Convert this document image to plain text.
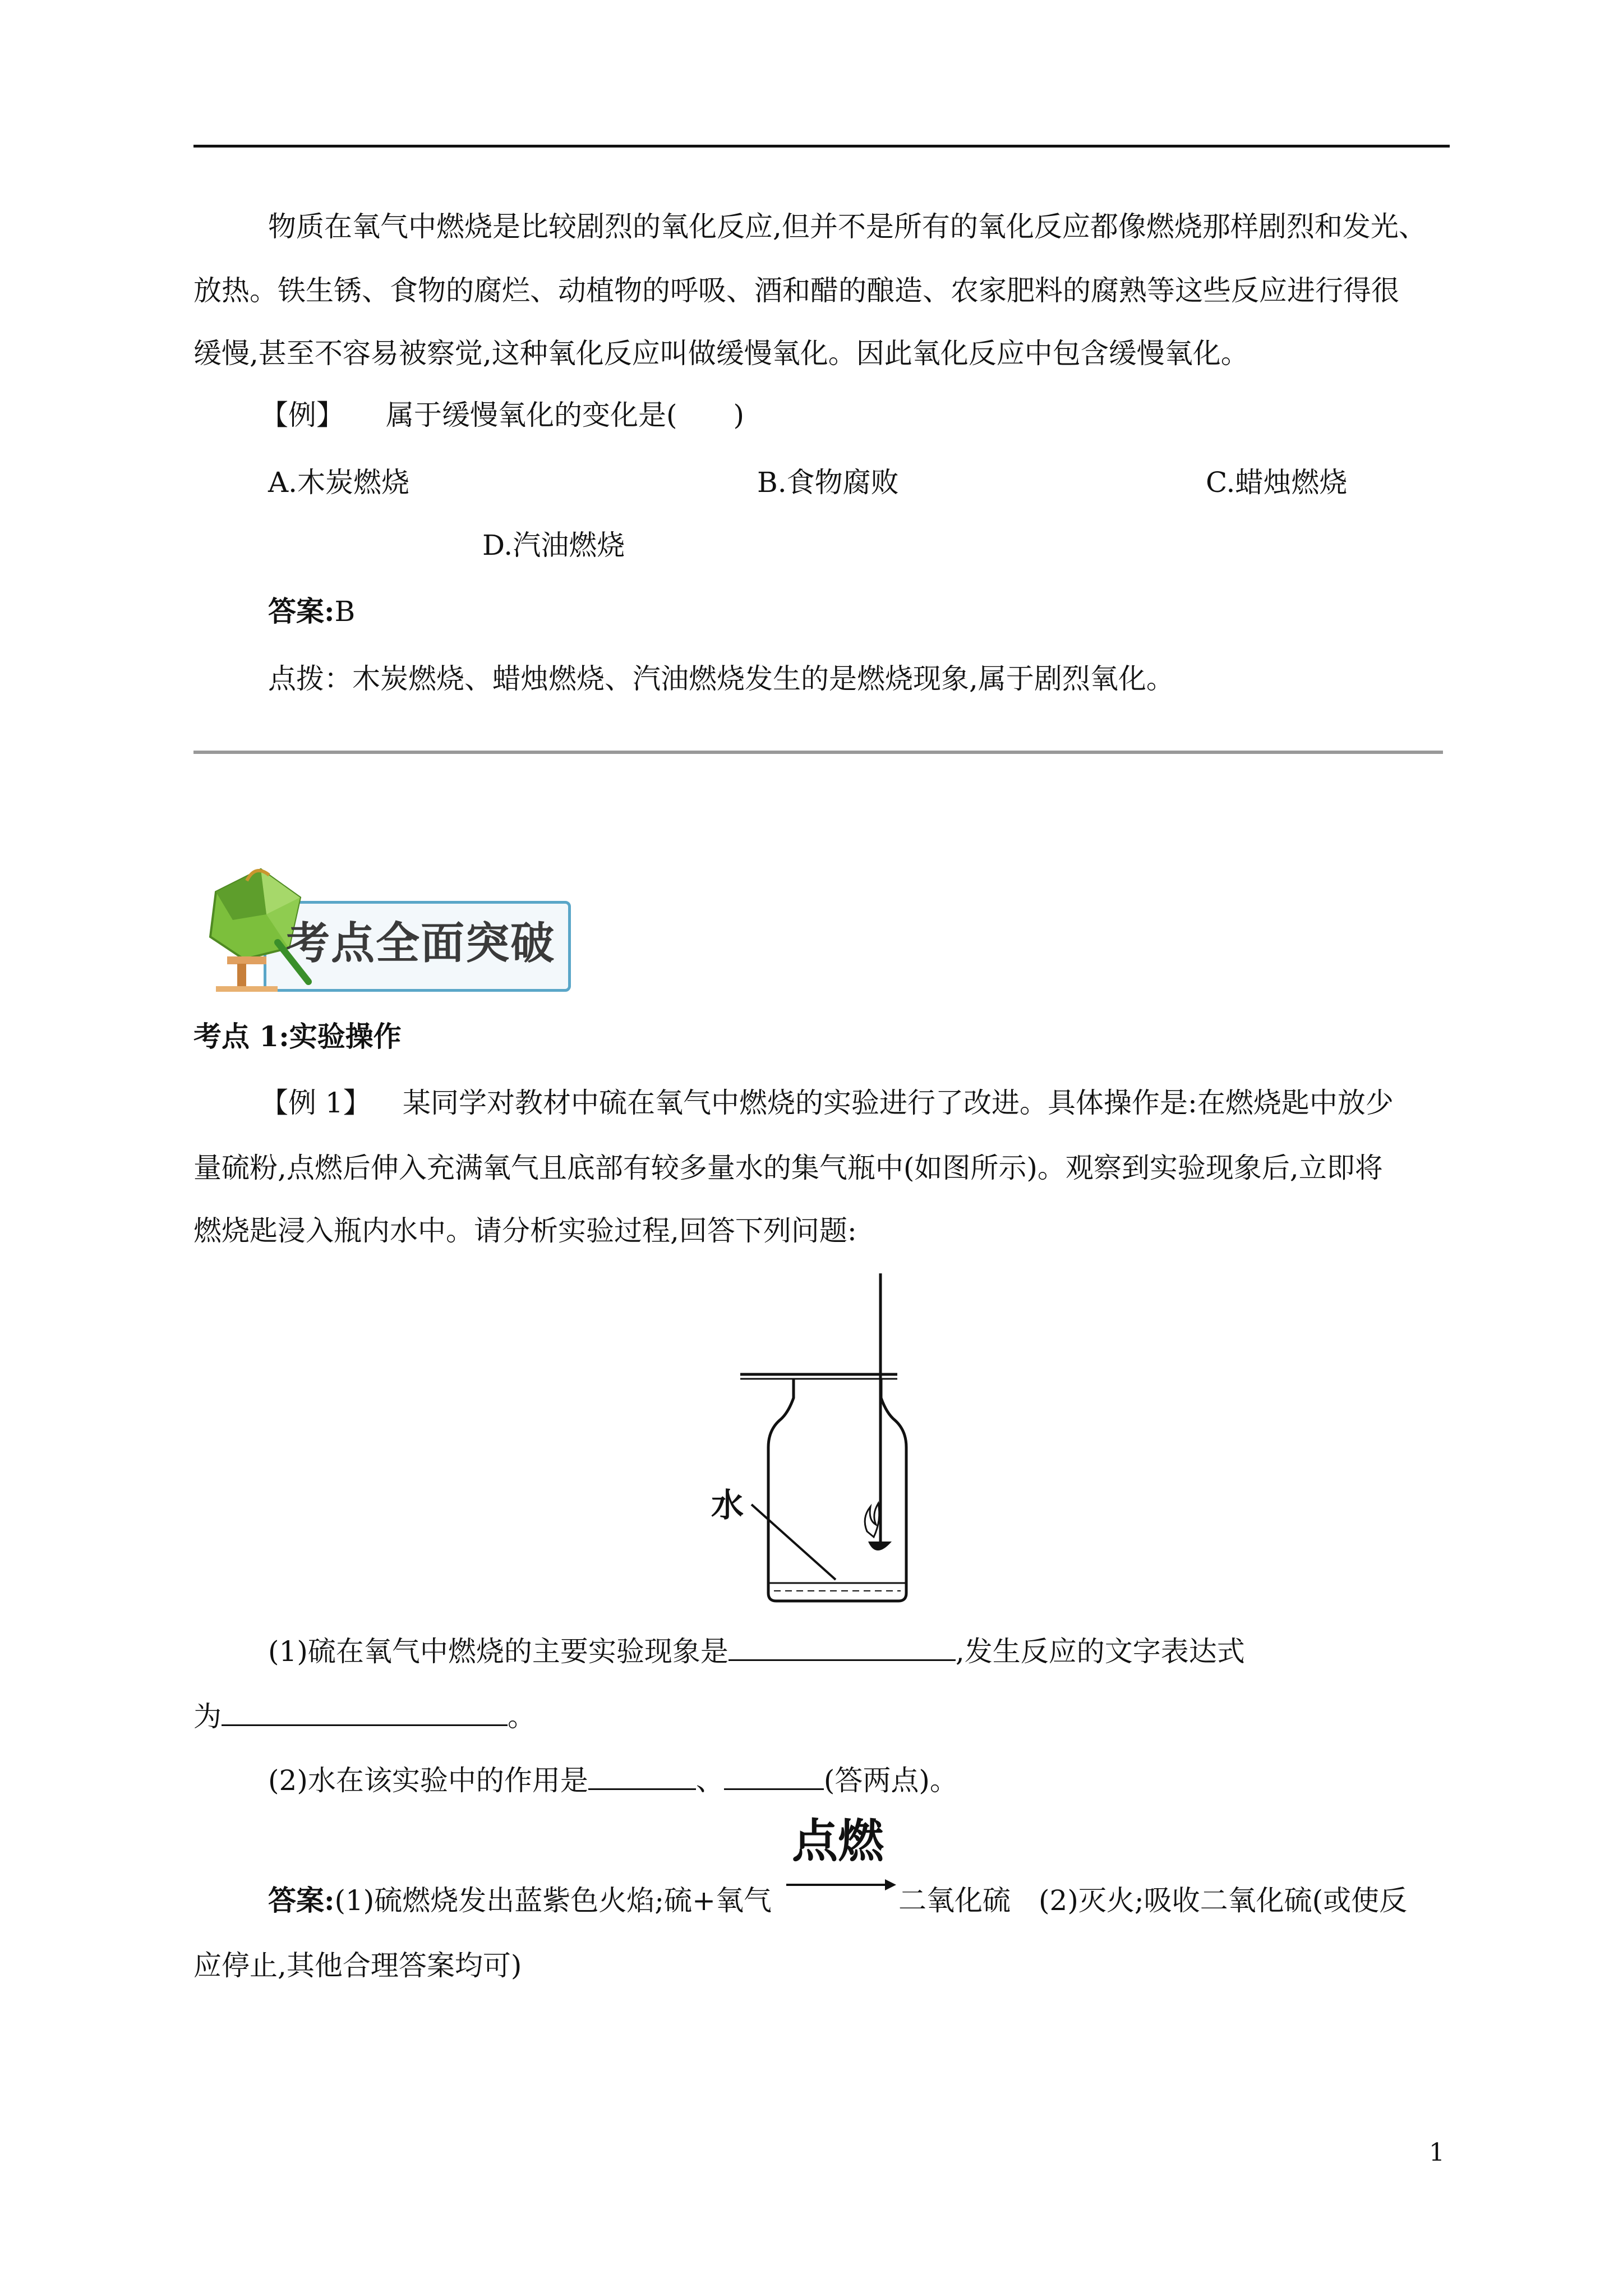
物质在氧气中燃烧是比较剧烈的氧化反应,但并不是所有的氧化反应都像燃烧那样剧烈和发光、
放热。铁生锈、食物的腐烂、动植物的呼吸、酒和醋的酿造、农家肥料的腐熟等这些反应进行得很
缓慢,甚至不容易被察觉,这种氧化反应叫做缓慢氧化。因此氧化反应中包含缓慢氧化。
【例】 属于缓慢氧化的变化是(　　)
A.木炭燃烧	B.食物腐败	C.蜡烛燃烧
D.汽油燃烧
答案:B
点拨：木炭燃烧、蜡烛燃烧、汽油燃烧发生的是燃烧现象,属于剧烈氧化。
考点全面突破
考点 1:实验操作
【例 1】 某同学对教材中硫在氧气中燃烧的实验进行了改进。具体操作是:在燃烧匙中放少
量硫粉,点燃后伸入充满氧气且底部有较多量水的集气瓶中(如图所示)。观察到实验现象后,立即将
燃烧匙浸入瓶内水中。请分析实验过程,回答下列问题:
水
(1)硫在氧气中燃烧的主要实验现象是	,发生反应的文字表达式
为	。
(2)水在该实验中的作用是	、	(答两点)。
点燃
答案:(1)硫燃烧发出蓝紫色火焰;硫+氧气	二氧化硫　(2)灭火;吸收二氧化硫(或使反
应停止,其他合理答案均可)
1
